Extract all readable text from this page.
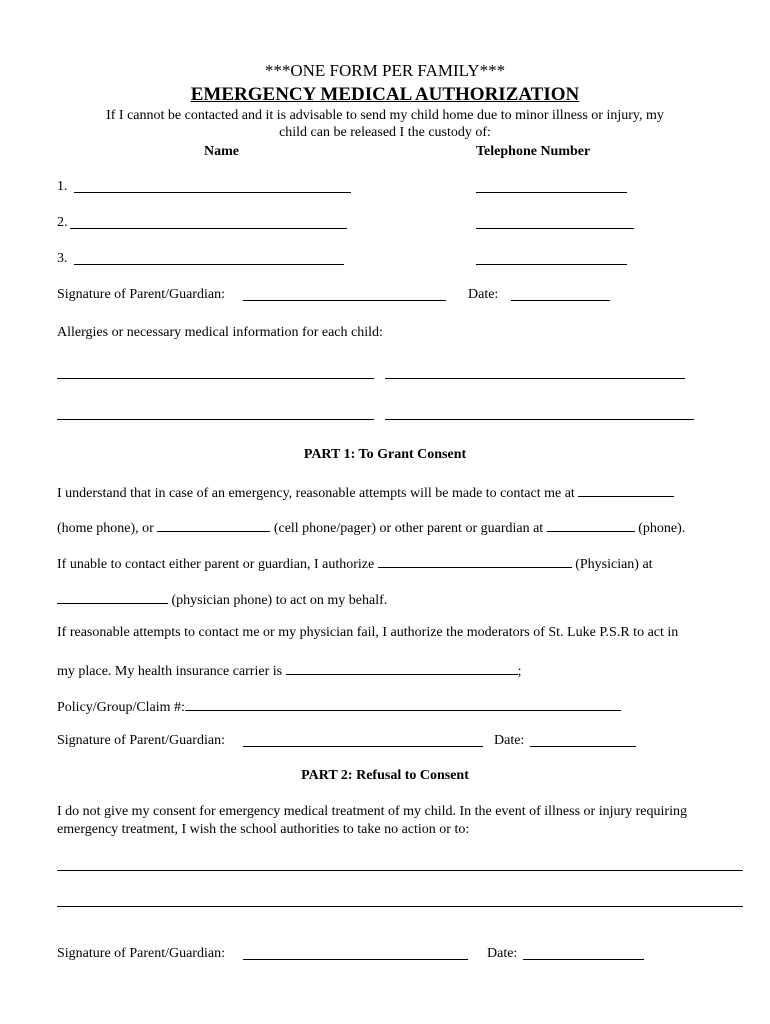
***ONE FORM PER FAMILY***
EMERGENCY MEDICAL AUTHORIZATION
If I cannot be contacted and it is advisable to send my child home due to minor illness or injury, my
child can be released I the custody of:
Name	Telephone Number
1.
2.
3.
Signature of Parent/Guardian:	Date:
Allergies or necessary medical information for each child:
PART 1: To Grant Consent
I understand that in case of an emergency, reasonable attempts will be made to contact me at
(home phone), or	(cell phone/pager) or other parent or guardian at	(phone).
If unable to contact either parent or guardian, I authorize	(Physician) at
(physician phone) to act on my behalf.
If reasonable attempts to contact me or my physician fail, I authorize the moderators of St. Luke P.S.R to act in
my place. My health insurance carrier is	;
Policy/Group/Claim #:
Signature of Parent/Guardian:	Date:
PART 2: Refusal to Consent
I do not give my consent for emergency medical treatment of my child. In the event of illness or injury requiring
emergency treatment, I wish the school authorities to take no action or to:
Signature of Parent/Guardian:	Date:
